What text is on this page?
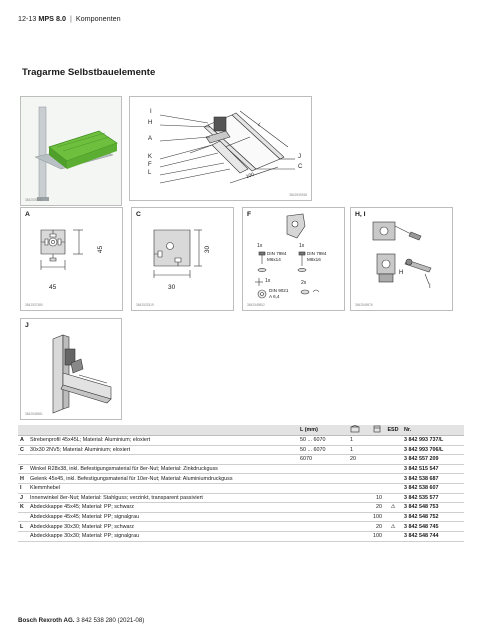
12-13 MPS 8.0 | Komponenten
Tragarme Selbstbauelemente
3842539057
I
H
A
K
F
L
J
C
L
100
3842539358
A
45
45
3842537380
C
30
30
3842523319
F
1x
DIN 7984
M6x14
1x
DIN 7984
M8x16
1x
DIN 9021
A 6,4
2x
3842549852
H, I
H
I
3842549576
J
3842545581
		L (mm)			ESD	Nr.
A	Strebenprofil 45x45L; Material: Aluminium; eloxiert	50 ... 6070	1			3 842 993 737/L
C	30x30 2NV5; Material: Aluminium; eloxiert	50 ... 6070	1			3 842 993 706/L
		6070	20			3 842 557 209
F	Winkel R28x38, inkl. Befestigungsmaterial für 8er-Nut; Material: Zinkdruckguss					3 842 515 547
H	Gelenk 45x45, inkl. Befestigungsmaterial für 10er-Nut; Material: Aluminiumdruckguss					3 842 538 687
I	Klemmhebel					3 842 538 607
J	Innenwinkel 8er-Nut; Material: Stahlguss; verzinkt, transparent passiviert			10		3 842 535 577
K	Abdeckkappe 45x45; Material: PP; schwarz			20	⚠	3 842 548 753
	Abdeckkappe 45x45; Material: PP; signalgrau			100		3 842 548 752
L	Abdeckkappe 30x30; Material: PP; schwarz			20	⚠	3 842 548 745
	Abdeckkappe 30x30; Material: PP; signalgrau			100		3 842 548 744
Bosch Rexroth AG. 3 842 538 280 (2021-08)
